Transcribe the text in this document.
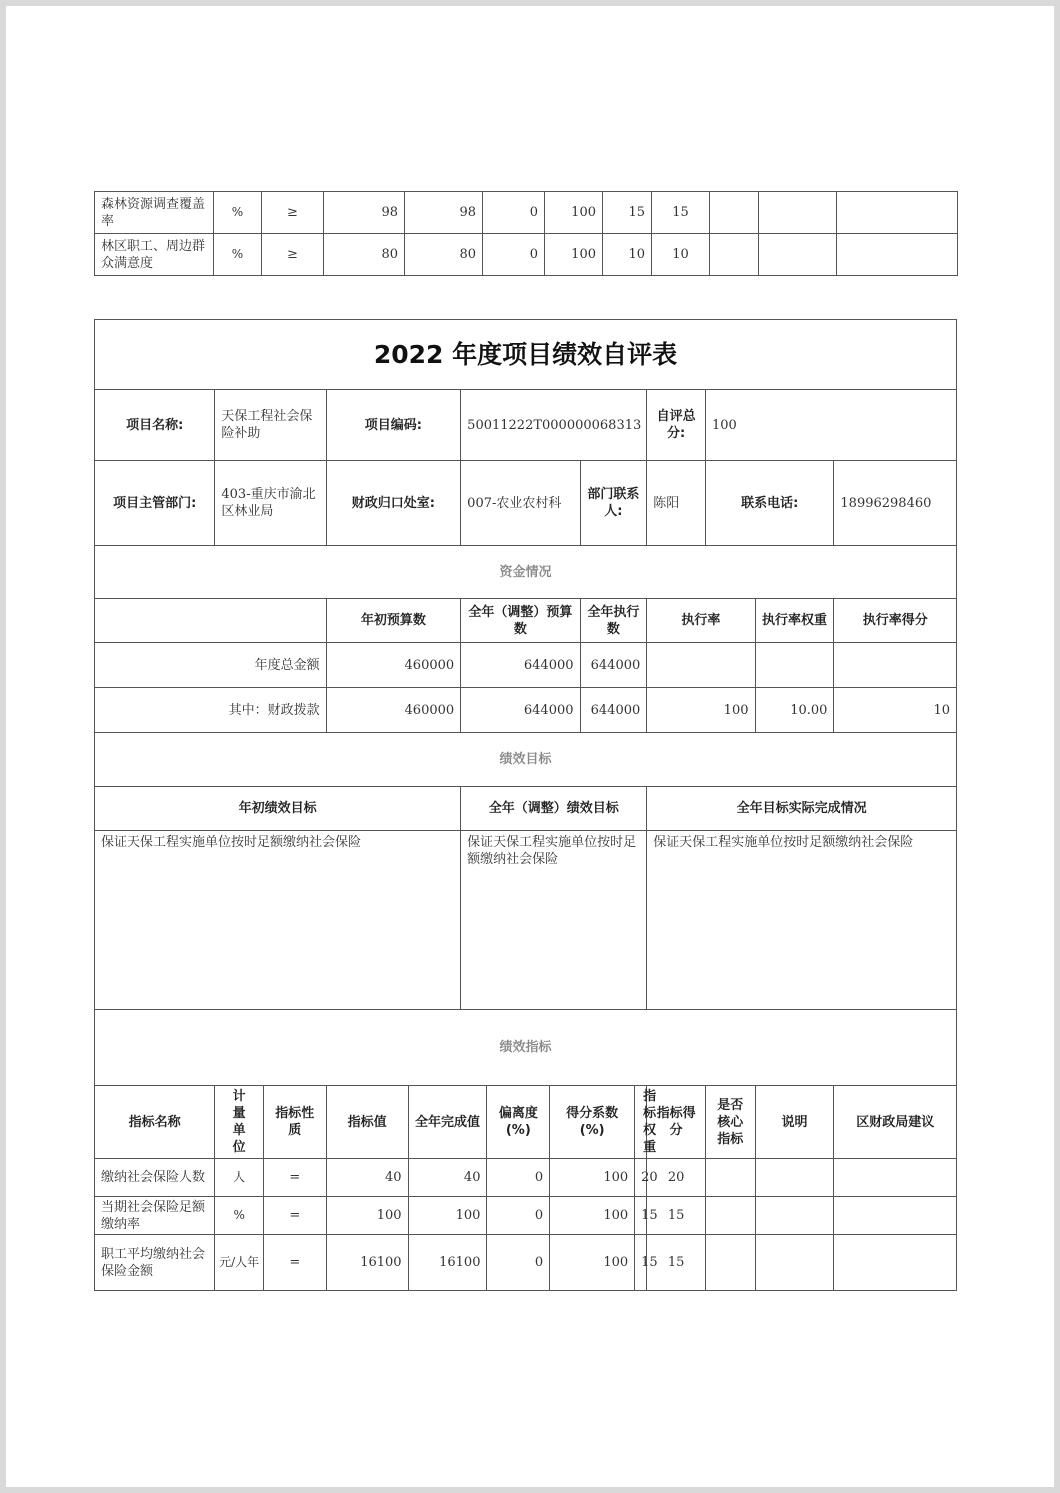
森林资源调查覆盖率	%	≥	98	98	0	100	15	15			
林区职工、周边群众满意度	%	≥	80	80	0	100	10	10			
2022 年度项目绩效自评表													
项目名称:	天保工程社会保险补助		项目编码:		50011222T000000068313					自评总分:	100		
项目主管部门:	403-重庆市渝北区林业局		财政归口处室:		007-农业农村科			部门联系人:		陈阳	联系电话:		18996298460
资金情况													
			年初预算数		全年（调整）预算数			全年执行数		执行率		执行率权重	执行率得分
年度总金额			460000		644000			644000					
其中：财政拨款			460000		644000			644000		100		10.00	10
绩效目标													
年初绩效目标					全年（调整）绩效目标					全年目标实际完成情况			
保证天保工程实施单位按时足额缴纳社会保险					保证天保工程实施单位按时足额缴纳社会保险					保证天保工程实施单位按时足额缴纳社会保险			
绩效指标													
指标名称	计量单位	指标性质	指标值	全年完成值		偏离度(%)	得分系数(%)		指标权重	指标得分	是否核心指标	说明	区财政局建议
缴纳社会保险人数	人	=	40	40		0	100		20	20			
当期社会保险足额缴纳率	%	=	100	100		0	100		15	15			
职工平均缴纳社会保险金额	元/人年	=	16100	16100		0	100		15	15			
